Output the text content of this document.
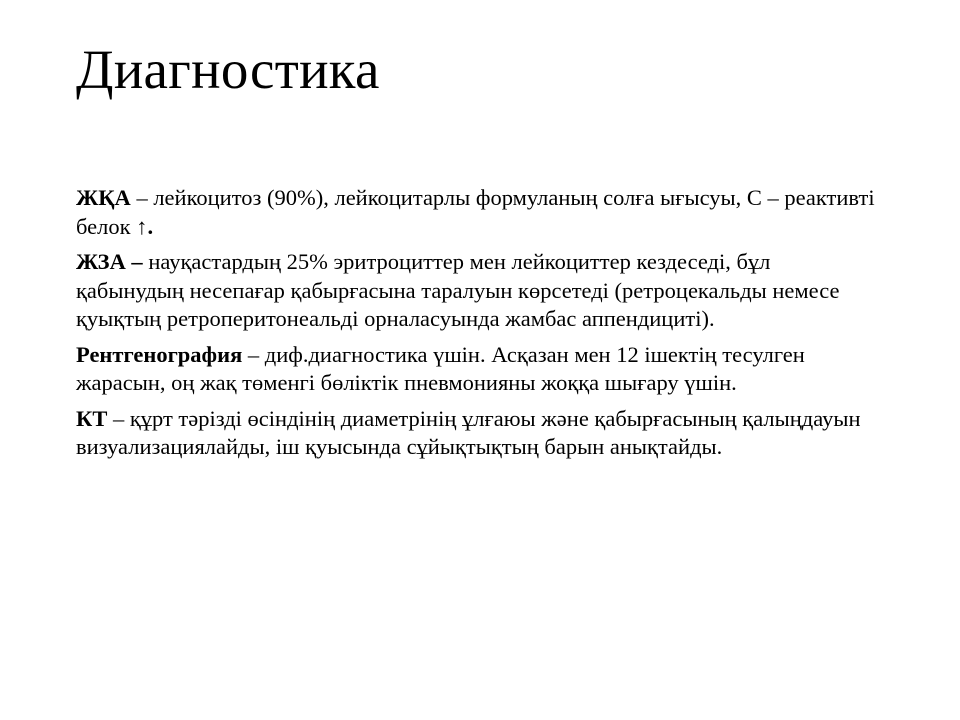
Диагностика

ЖҚА – лейкоцитоз (90%), лейкоцитарлы формуланың солға ығысуы, С – реактивті белок ↑.

ЖЗА – науқастардың 25% эритроциттер мен лейкоциттер кездеседі, бұл қабынудың несепағар қабырғасына таралуын көрсетеді (ретроцекальды немесе қуықтың ретроперитонеальді орналасуында жамбас аппендициті).

Рентгенография – диф.диагностика үшін. Асқазан мен 12 ішектің тесулген жарасын, оң жақ төменгі бөліктік пневмонияны жоққа шығару үшін.

КТ – құрт тәрізді өсіндінің диаметрінің ұлғаюы және қабырғасының қалыңдауын визуализациялайды, іш қуысында сұйықтықтың барын анықтайды.
